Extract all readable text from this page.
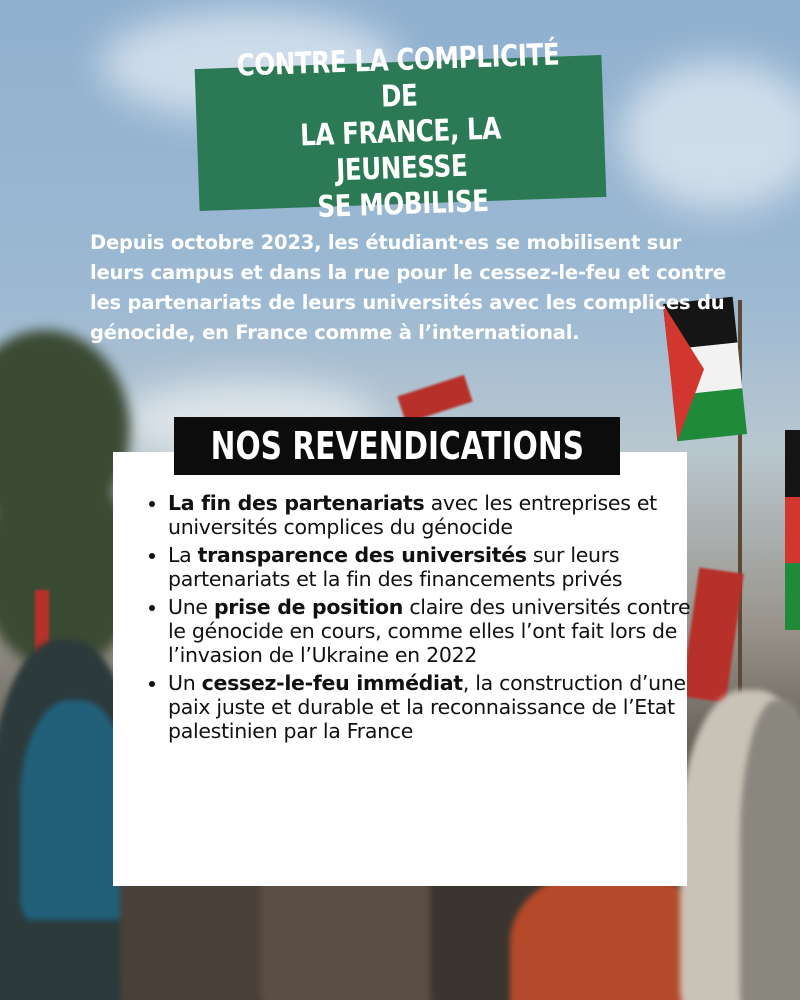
CONTRE LA COMPLICITÉ DE
LA FRANCE, LA JEUNESSE
SE MOBILISE
Depuis octobre 2023, les étudiant·es se mobilisent sur leurs campus et dans la rue pour le cessez-le-feu et contre les partenariats de leurs universités avec les complices du génocide, en France comme à l’international.
NOS REVENDICATIONS
• La fin des partenariats avec les entreprises et universités complices du génocide
• La transparence des universités sur leurs partenariats et la fin des financements privés
• Une prise de position claire des universités contre le génocide en cours, comme elles l’ont fait lors de l’invasion de l’Ukraine en 2022
• Un cessez-le-feu immédiat, la construction d’une paix juste et durable et la reconnaissance de l’Etat palestinien par la France
